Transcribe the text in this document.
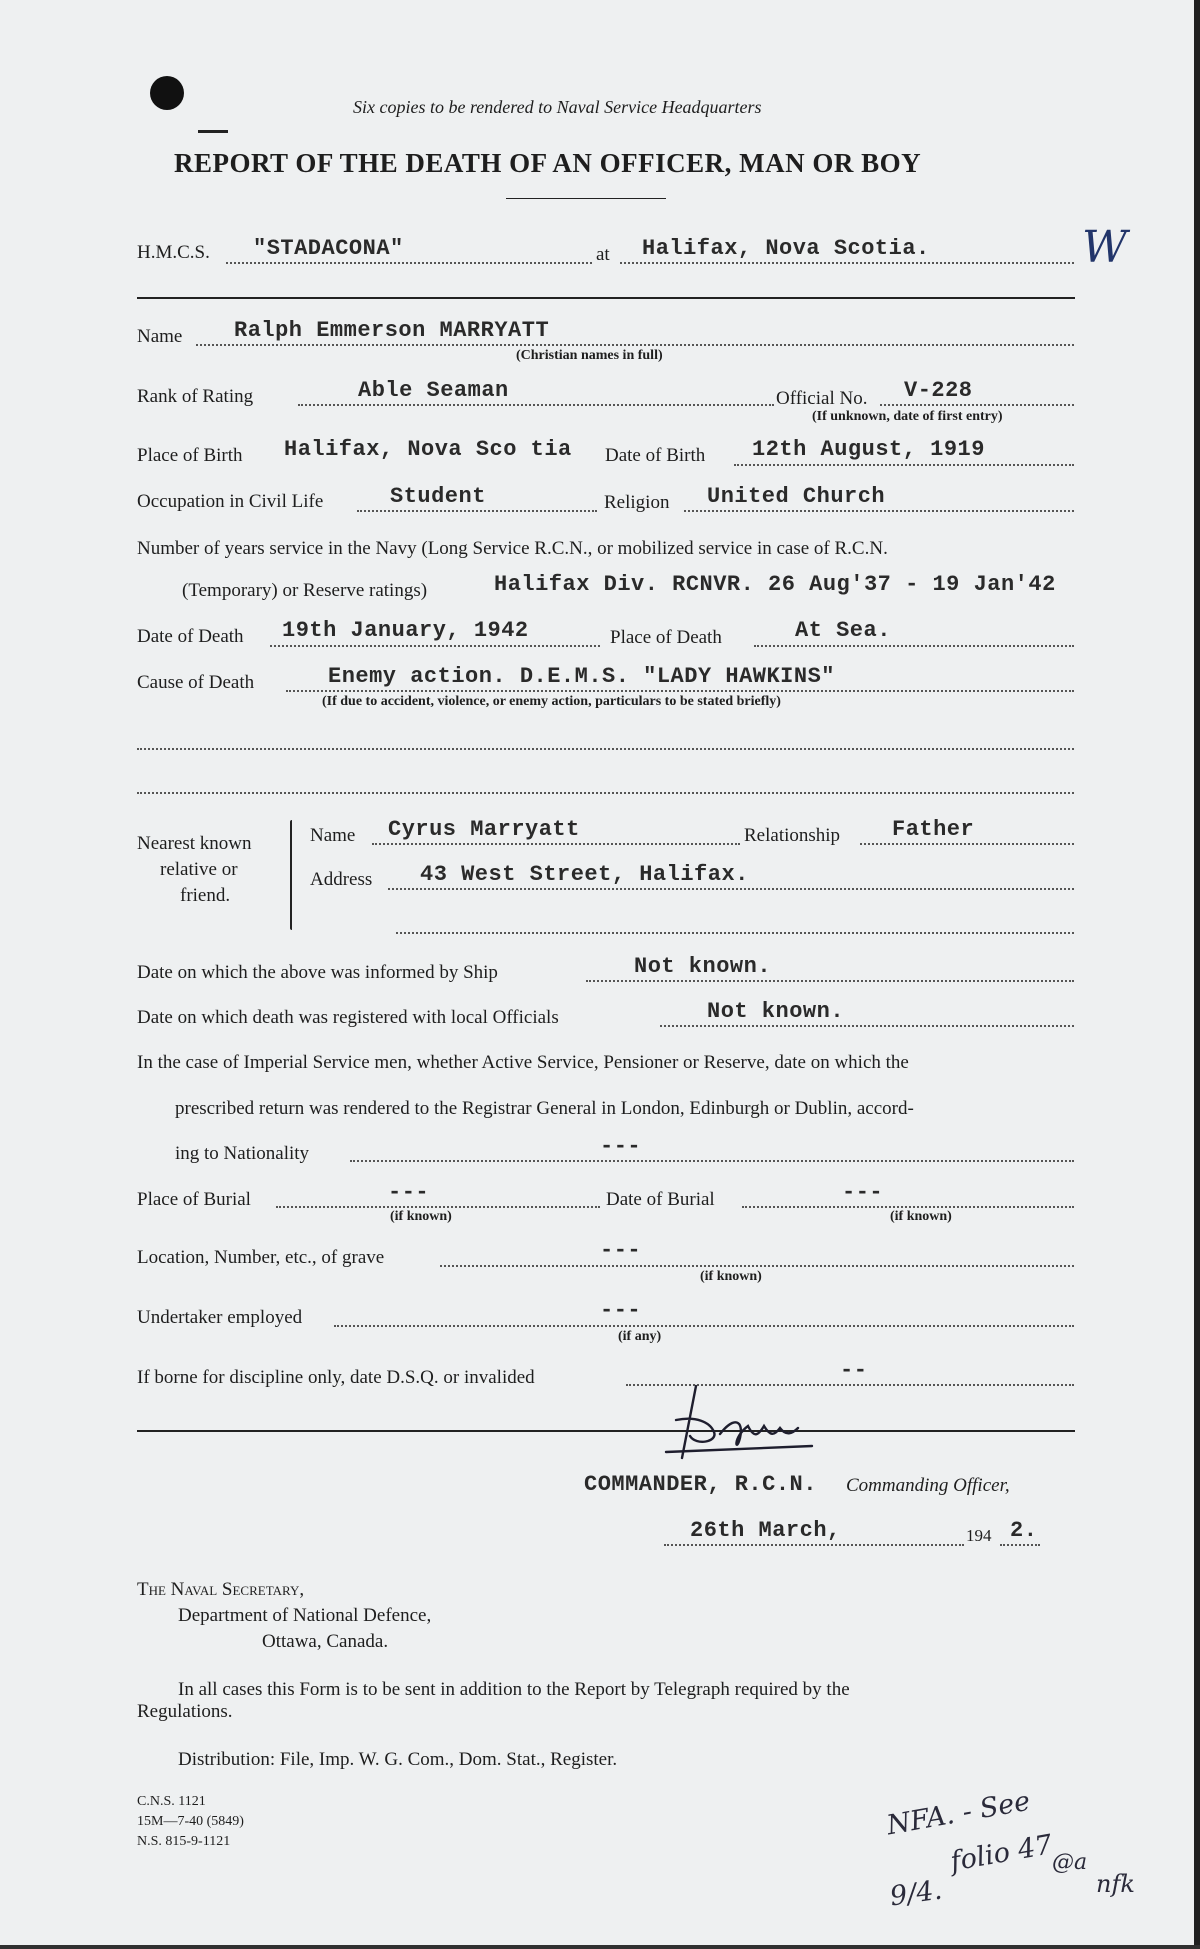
Six copies to be rendered to Naval Service Headquarters
REPORT OF THE DEATH OF AN OFFICER, MAN OR BOY
H.M.C.S. "STADACONA"	at Halifax, Nova Scotia.	W
Name Ralph Emmerson MARRYATT
(Christian names in full)
Rank of Rating	Able Seaman	Official No. V-228
(If unknown, date of first entry)
Place of Birth Halifax, Nova Sco tia Date of Birth 12th August, 1919
Occupation in Civil Life	Student	Religion United Church
Number of years service in the Navy (Long Service R.C.N., or mobilized service in case of R.C.N.
(Temporary) or Reserve ratings)	Halifax Div. RCNVR. 26 Aug'37 - 19 Jan'42
Date of Death 19th January, 1942	Place of Death	At Sea.
Cause of Death	Enemy action. D.E.M.S. "LADY HAWKINS"
(If due to accident, violence, or enemy action, particulars to be stated briefly)
Nearest known
relative or
friend.
Name Cyrus Marryatt	Relationship Father
Address 43 West Street, Halifax.
Date on which the above was informed by Ship	Not known.
Date on which death was registered with local Officials	Not known.
In the case of Imperial Service men, whether Active Service, Pensioner or Reserve, date on which the
prescribed return was rendered to the Registrar General in London, Edinburgh or Dublin, accord-
ing to Nationality	---
Place of Burial	---
(if known)
Date of Burial	---
(if known)
Location, Number, etc., of grave	---
(if known)
Undertaker employed	---
(if any)
If borne for discipline only, date D.S.Q. or invalided	--
COMMANDER, R.C.N. Commanding Officer,
26th March,	194 2.
The Naval Secretary,
Department of National Defence,
Ottawa, Canada.
In all cases this Form is to be sent in addition to the Report by Telegraph required by the
Regulations.
Distribution: File, Imp. W. G. Com., Dom. Stat., Register.
C.N.S. 1121
15M—7-40 (5849)
N.S. 815-9-1121
NFA. - See
folio 47
9/4.
@a
nfk
